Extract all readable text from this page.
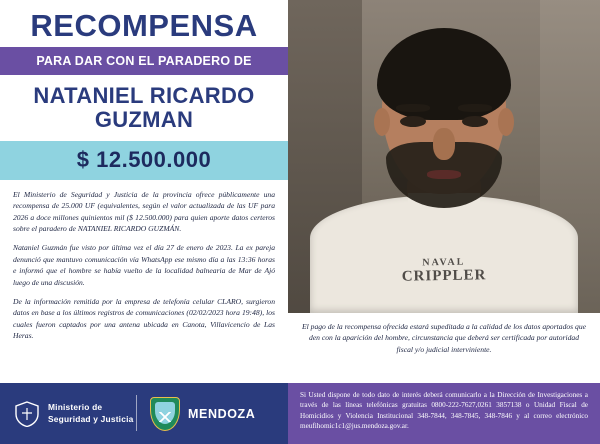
RECOMPENSA
PARA DAR CON EL PARADERO DE
NATANIEL RICARDO
GUZMAN
$ 12.500.000

El Ministerio de Seguridad y Justicia de la provincia ofrece públicamente una recompensa de 25.000 UF (equivalentes, según el valor actualizada de las UF para 2026 a doce millones quinientos mil ($ 12.500.000) para quien aporte datos certeros sobre el paradero de NATANIEL RICARDO GUZMÁN.

Nataniel Guzmán fue visto por última vez el día 27 de enero de 2023. La ex pareja denunció que mantuvo comunicación vía WhatsApp ese mismo día a las 13:36 horas e informó que el hombre se había vuelto de la localidad balnearia de Mar de Ajó luego de una discusión.

De la información remitida por la empresa de telefonía celular CLARO, surgieron datos en base a los últimos registros de comunicaciones (02/02/2023 hora 19:48), los cuales fueron captados por una antena ubicada en Canota, Villavicencio de Las Heras.

NAVAL
CRIPPLER
El pago de la recompensa ofrecida estará supeditada a la calidad de los datos aportados que den con la aparición del hombre, circunstancia que deberá ser certificada por autoridad fiscal y/o judicial interviniente.
Ministerio de
Seguridad y Justicia	MENDOZA
Si Usted dispone de todo dato de interés deberá comunicarlo a la Dirección de Investigaciones a través de las líneas telefónicas gratuitas 0800-222-7627,0261 3857138 o Unidad Fiscal de Homicidios y Violencia Institucional 348-7844, 348-7845, 348-7846 y al correo electrónico meufihomic1c1@jus.mendoza.gov.ar.
